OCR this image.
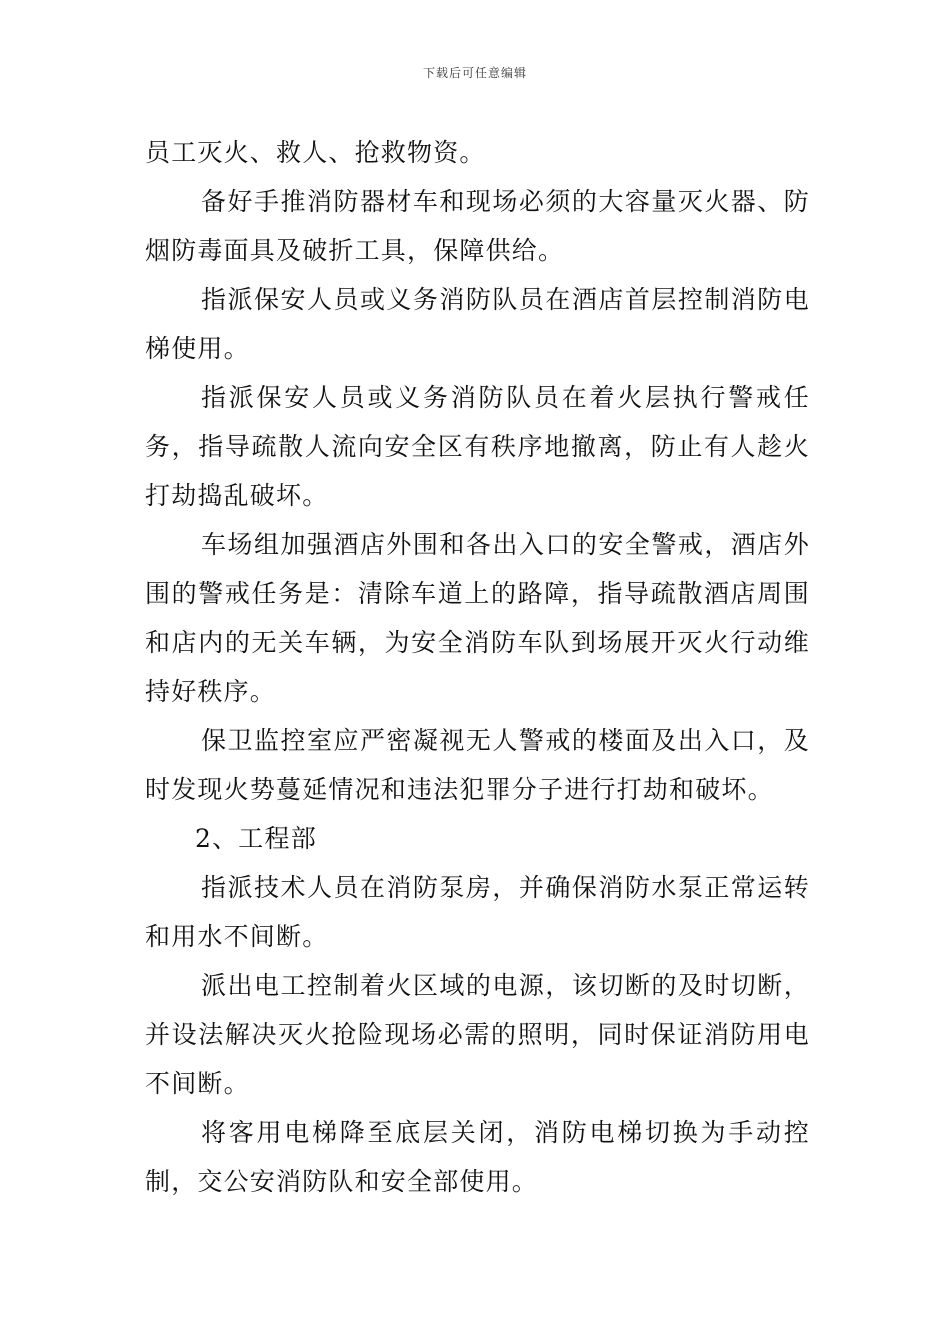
下载后可任意编辑

员工灭火、救人、抢救物资。

备好手推消防器材车和现场必须的大容量灭火器、防烟防毒面具及破折工具，保障供给。

指派保安人员或义务消防队员在酒店首层控制消防电梯使用。

指派保安人员或义务消防队员在着火层执行警戒任务，指导疏散人流向安全区有秩序地撤离，防止有人趁火打劫捣乱破坏。

车场组加强酒店外围和各出入口的安全警戒，酒店外围的警戒任务是：清除车道上的路障，指导疏散酒店周围和店内的无关车辆，为安全消防车队到场展开灭火行动维持好秩序。

保卫监控室应严密凝视无人警戒的楼面及出入口，及时发现火势蔓延情况和违法犯罪分子进行打劫和破坏。

2、工程部

指派技术人员在消防泵房，并确保消防水泵正常运转和用水不间断。

派出电工控制着火区域的电源，该切断的及时切断，并设法解决灭火抢险现场必需的照明，同时保证消防用电不间断。

将客用电梯降至底层关闭，消防电梯切换为手动控制，交公安消防队和安全部使用。
